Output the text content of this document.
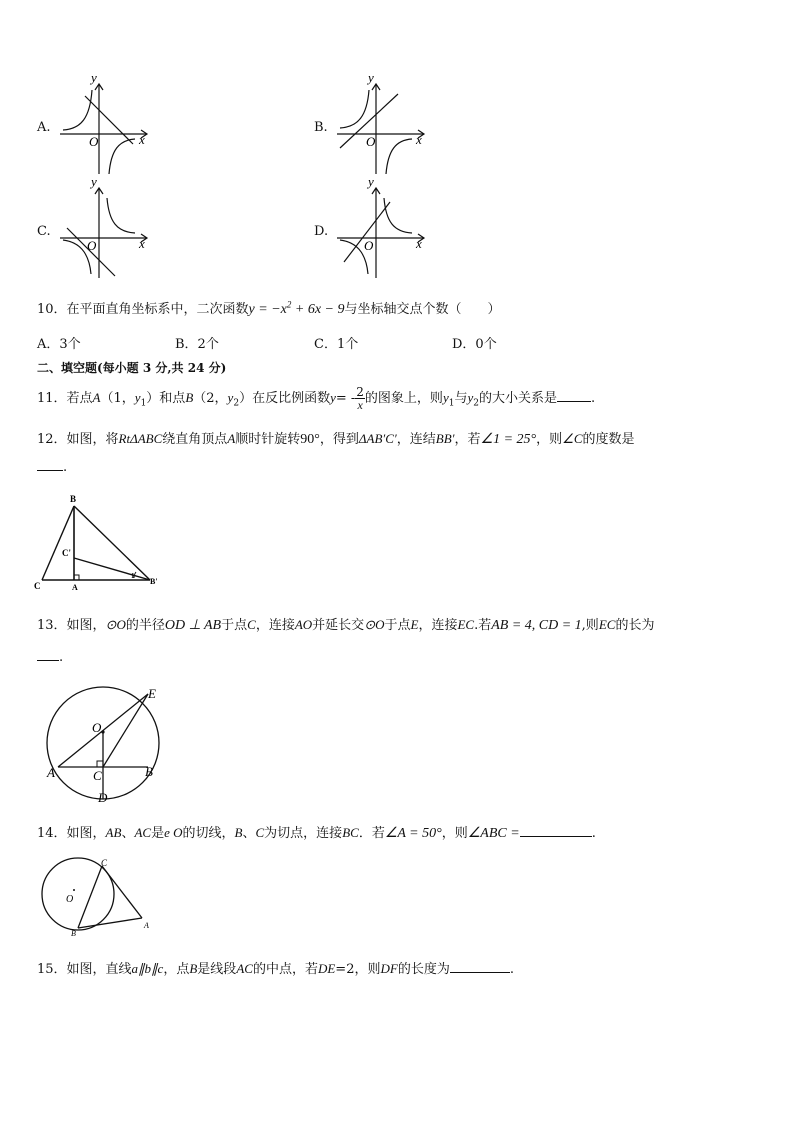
A.
y
x
O
B.
y
x
O
C.
y
x
O
D.
y
x
O
10．在平面直角坐标系中，二次函数$y = -x^2 + 6x - 9$与坐标轴交点个数（　　）
A．3个	B．2个	C．1个	D．0个
二、填空题(每小题 3 分,共 24 分)
11．若点A（1，$y_1$）和点B（2，$y_2$）在反比例函数$y= - \frac{2}{x}$ 的图象上，则$y_1$与$y_2$的大小关系是	.
12．如图，将RtΔABC绕直角顶点A顺时针旋转90°，得到ΔAB′C′，连结BB′，若∠1 = 25°，则∠C的度数是
.
B
C'
C	A
B'
1
13．如图，⊙O的半径OD ⊥ AB于点C，连接AO并延长交⊙O于点E，连接EC.若AB = 4, CD = 1,则EC的长为
.
E
O
A	C	B
D
14．如图，AB、AC是e O的切线，B、C为切点，连接BC．若∠A = 50°，则∠ABC =	.
C
O
B
A
15．如图，直线a∥b∥c，点B是线段AC的中点，若DE=2，则DF的长度为	.
